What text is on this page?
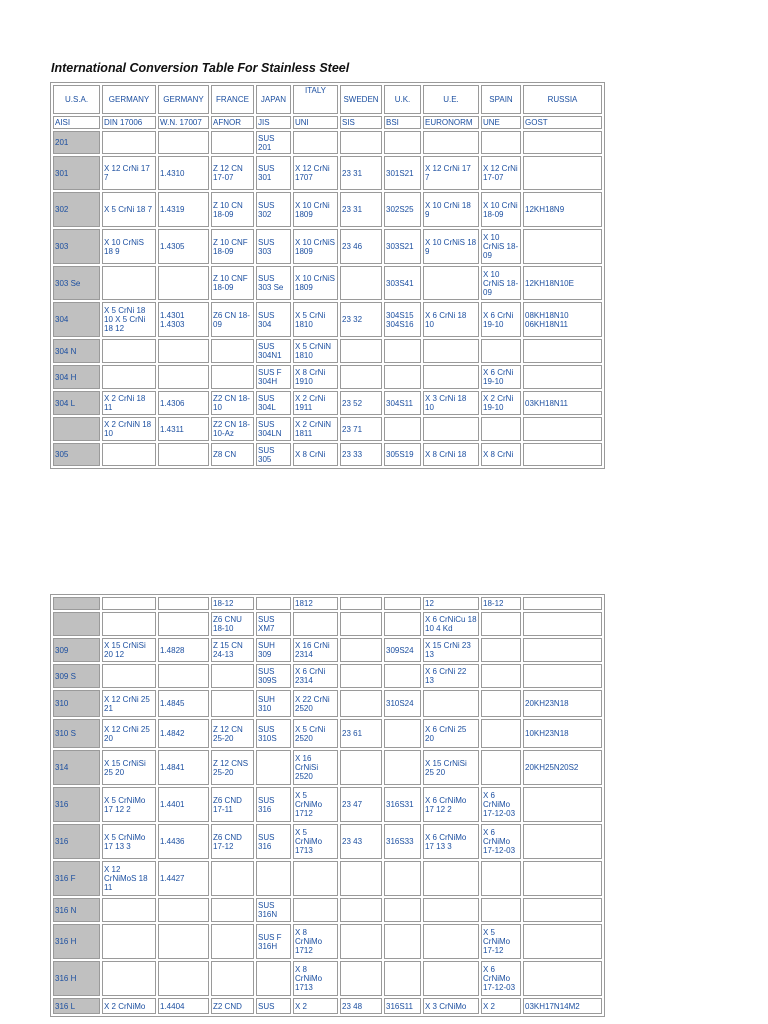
International Conversion Table For Stainless Steel
U.S.A.	GERMANY	GERMANY	FRANCE	JAPAN	ITALY	SWEDEN	U.K.	U.E.	SPAIN	RUSSIA
AISI	DIN 17006	W.N. 17007	AFNOR	JIS	UNI	SIS	BSI	EURONORM	UNE	GOST
201				SUS 201						
301	X 12 CrNi 17 7	1.4310	Z 12 CN 17-07	SUS 301	X 12 CrNi 1707	23 31	301S21	X 12 CrNi 17 7	X 12 CrNi 17-07	
302	X 5 CrNi 18 7	1.4319	Z 10 CN 18-09	SUS 302	X 10 CrNi 1809	23 31	302S25	X 10 CrNi 18 9	X 10 CrNi 18-09	12KH18N9
303	X 10 CrNiS 18 9	1.4305	Z 10 CNF 18-09	SUS 303	X 10 CrNiS 1809	23 46	303S21	X 10 CrNiS 18 9	X 10 CrNiS 18-09	
303 Se			Z 10 CNF 18-09	SUS 303 Se	X 10 CrNiS 1809		303S41		X 10 CrNiS 18-09	12KH18N10E
304	X 5 CrNi 18 10 X 5 CrNi 18 12	1.4301 1.4303	Z6 CN 18-09	SUS 304	X 5 CrNi 1810	23 32	304S15 304S16	X 6 CrNi 18 10	X 6 CrNi 19-10	08KH18N10 06KH18N11
304 N				SUS 304N1	X 5 CrNiN 1810					
304 H				SUS F 304H	X 8 CrNi 1910				X 6 CrNi 19-10	
304 L	X 2 CrNi 18 11	1.4306	Z2 CN 18-10	SUS 304L	X 2 CrNi 1911	23 52	304S11	X 3 CrNi 18 10	X 2 CrNi 19-10	03KH18N11
	X 2 CrNiN 18 10	1.4311	Z2 CN 18-10-Az	SUS 304LN	X 2 CrNiN 1811	23 71				
305			Z8 CN	SUS 305	X 8 CrNi	23 33	305S19	X 8 CrNi 18	X 8 CrNi	
			18-12		1812			12	18-12	
			Z6 CNU 18-10	SUS XM7				X 6 CrNiCu 18 10 4 Kd		
309	X 15 CrNiSi 20 12	1.4828	Z 15 CN 24-13	SUH 309	X 16 CrNi 2314		309S24	X 15 CrNi 23 13		
309 S				SUS 309S	X 6 CrNi 2314			X 6 CrNi 22 13		
310	X 12 CrNi 25 21	1.4845		SUH 310	X 22 CrNi 2520		310S24			20KH23N18
310 S	X 12 CrNi 25 20	1.4842	Z 12 CN 25-20	SUS 310S	X 5 CrNi 2520	23 61		X 6 CrNi 25 20		10KH23N18
314	X 15 CrNiSi 25 20	1.4841	Z 12 CNS 25-20		X 16 CrNiSi 2520			X 15 CrNiSi 25 20		20KH25N20S2
316	X 5 CrNiMo 17 12 2	1.4401	Z6 CND 17-11	SUS 316	X 5 CrNiMo 1712	23 47	316S31	X 6 CrNiMo 17 12 2	X 6 CrNiMo 17-12-03	
316	X 5 CrNiMo 17 13 3	1.4436	Z6 CND 17-12	SUS 316	X 5 CrNiMo 1713	23 43	316S33	X 6 CrNiMo 17 13 3	X 6 CrNiMo 17-12-03	
316 F	X 12 CrNiMoS 18 11	1.4427								
316 N				SUS 316N						
316 H				SUS F 316H	X 8 CrNiMo 1712				X 5 CrNiMo 17-12	
316 H					X 8 CrNiMo 1713				X 6 CrNiMo 17-12-03	
316 L	X 2 CrNiMo	1.4404	Z2 CND	SUS	X 2	23 48	316S11	X 3 CrNiMo	X 2	03KH17N14M2
